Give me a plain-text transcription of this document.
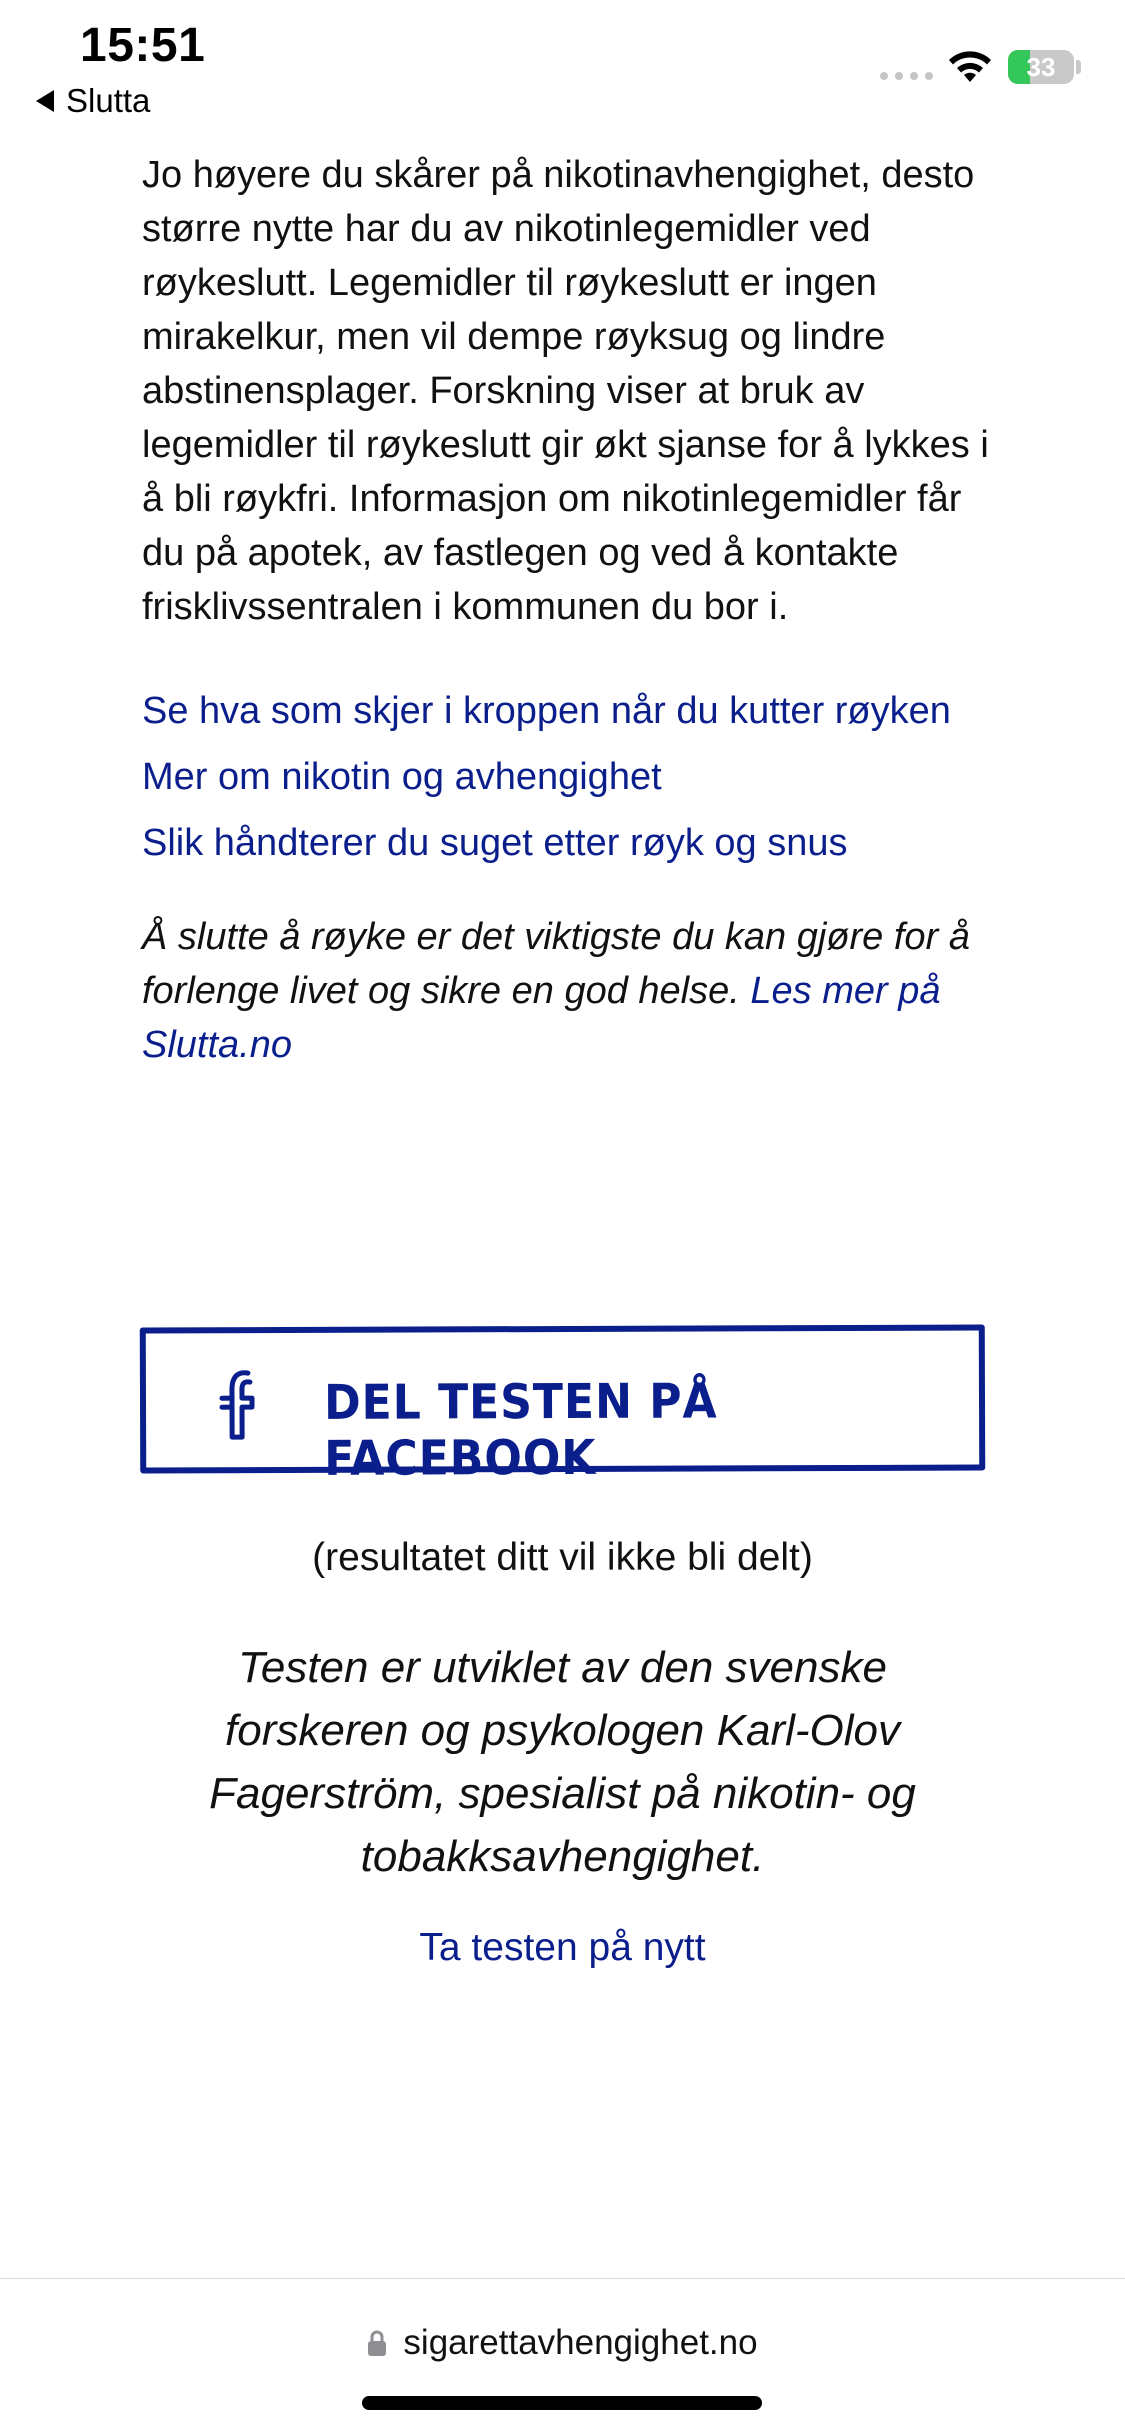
15:51
Slutta
33

Jo høyere du skårer på nikotinavhengighet, desto større nytte har du av nikotinlegemidler ved røykeslutt. Legemidler til røykeslutt er ingen mirakelkur, men vil dempe røyksug og lindre abstinensplager. Forskning viser at bruk av legemidler til røykeslutt gir økt sjanse for å lykkes i å bli røykfri. Informasjon om nikotinlegemidler får du på apotek, av fastlegen og ved å kontakte frisklivssentralen i kommunen du bor i.

Se hva som skjer i kroppen når du kutter røyken
Mer om nikotin og avhengighet
Slik håndterer du suget etter røyk og snus

Å slutte å røyke er det viktigste du kan gjøre for å forlenge livet og sikre en god helse. Les mer på Slutta.no

DEL TESTEN PÅ FACEBOOK
(resultatet ditt vil ikke bli delt)

Testen er utviklet av den svenske forskeren og psykologen Karl-Olov Fagerström, spesialist på nikotin- og tobakksavhengighet.

Ta testen på nytt
sigarettavhengighet.no
